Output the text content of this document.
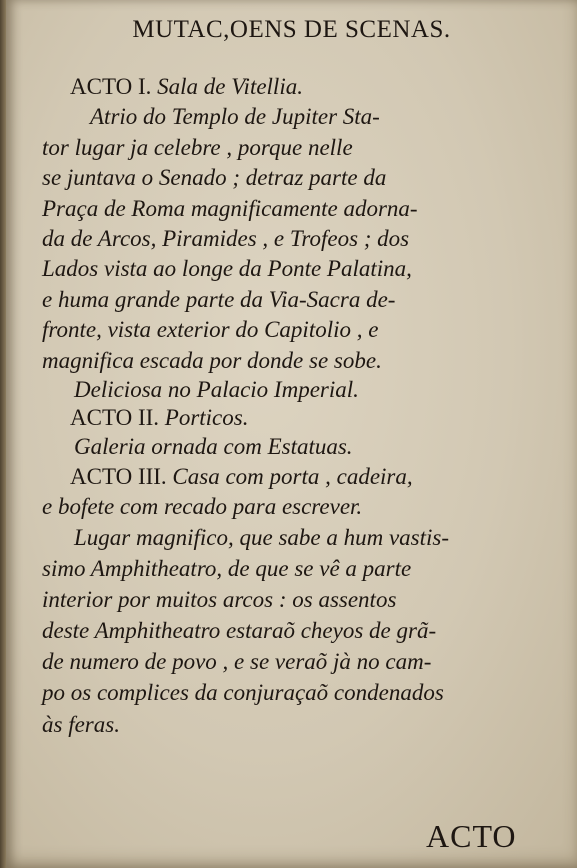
MUTAC,OENS DE SCENAS.
ACTO I. Sala de Vitellia.
Atrio do Templo de Jupiter Sta-
tor lugar ja celebre , porque nelle
se juntava o Senado ; detraz parte da
Praça de Roma magnificamente adorna-
da de Arcos, Piramides , e Trofeos ; dos
Lados vista ao longe da Ponte Palatina,
e huma grande parte da Via-Sacra de-
fronte, vista exterior do Capitolio , e
magnifica escada por donde se sobe.
Deliciosa no Palacio Imperial.
ACTO II. Porticos.
Galeria ornada com Estatuas.
ACTO III. Casa com porta , cadeira,
e bofete com recado para escrever.
Lugar magnifico, que sabe a hum vastis-
simo Amphitheatro, de que se vê a parte
interior por muitos arcos : os assentos
deste Amphitheatro estaraõ cheyos de grã-
de numero de povo , e se veraõ jà no cam-
po os complices da conjuraçaõ condenados
às feras.
ACTO
